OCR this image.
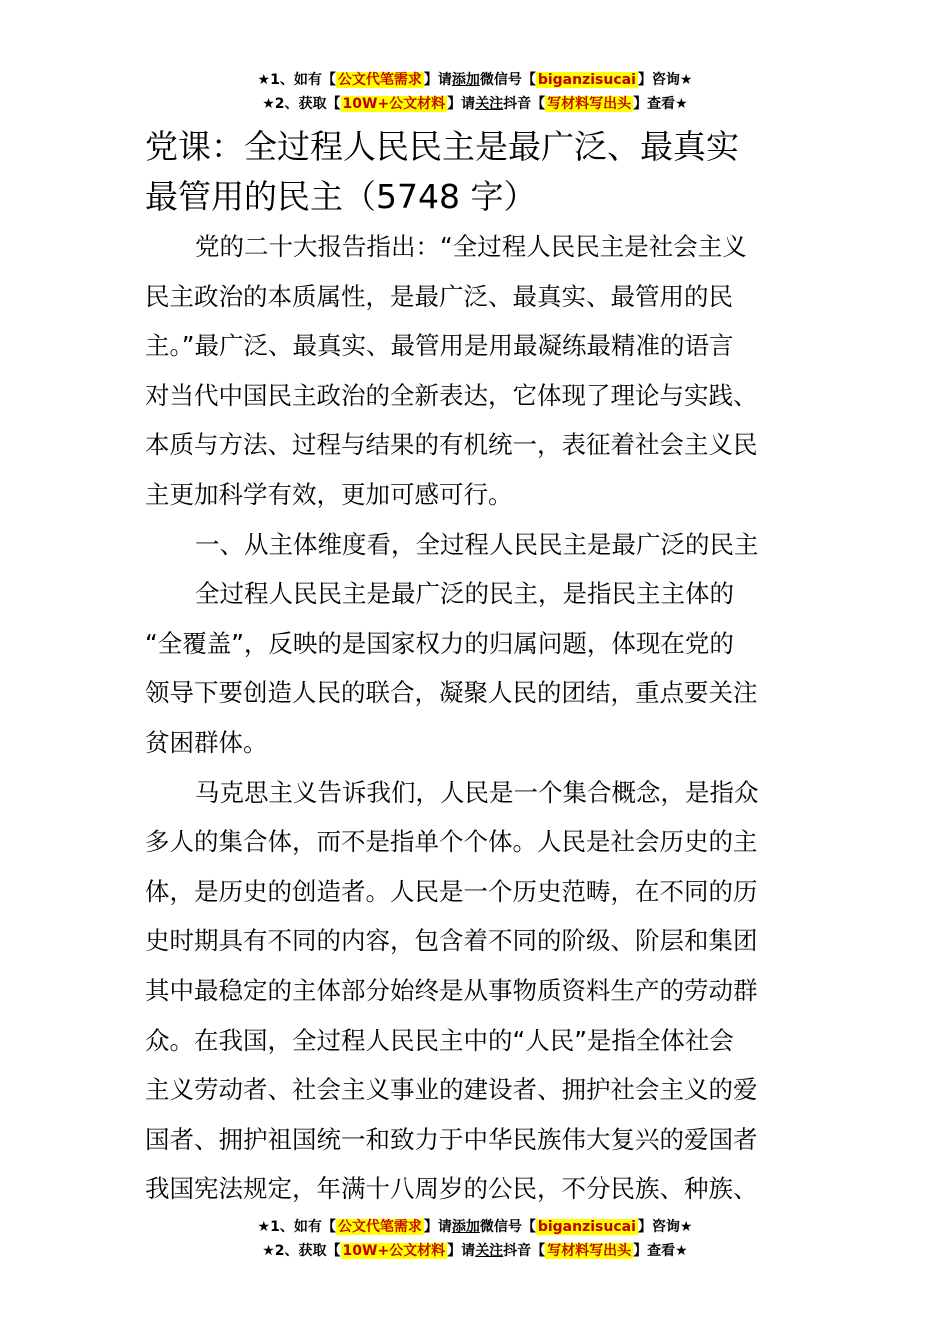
★1、如有【 公文代笔需求 】请添加微信号【 biganzisucai 】咨询★
★2、获取【 10W+公文材料 】请关注抖音【 写材料写出头 】查看★
党课：全过程人民民主是最广泛、最真实
最管用的民主（5748 字）
党的二十大报告指出：“全过程人民民主是社会主义
民主政治的本质属性，是最广泛、最真实、最管用的民
主。”最广泛、最真实、最管用是用最凝练最精准的语言
对当代中国民主政治的全新表达，它体现了理论与实践、
本质与方法、过程与结果的有机统一，表征着社会主义民
主更加科学有效，更加可感可行。
一、从主体维度看，全过程人民民主是最广泛的民主
全过程人民民主是最广泛的民主，是指民主主体的
“全覆盖”，反映的是国家权力的归属问题，体现在党的
领导下要创造人民的联合，凝聚人民的团结，重点要关注
贫困群体。
马克思主义告诉我们，人民是一个集合概念，是指众
多人的集合体，而不是指单个个体。人民是社会历史的主
体，是历史的创造者。人民是一个历史范畴，在不同的历
史时期具有不同的内容，包含着不同的阶级、阶层和集团
其中最稳定的主体部分始终是从事物质资料生产的劳动群
众。在我国，全过程人民民主中的“人民”是指全体社会
主义劳动者、社会主义事业的建设者、拥护社会主义的爱
国者、拥护祖国统一和致力于中华民族伟大复兴的爱国者
我国宪法规定，年满十八周岁的公民，不分民族、种族、
★1、如有【 公文代笔需求 】请添加微信号【 biganzisucai 】咨询★
★2、获取【 10W+公文材料 】请关注抖音【 写材料写出头 】查看★
